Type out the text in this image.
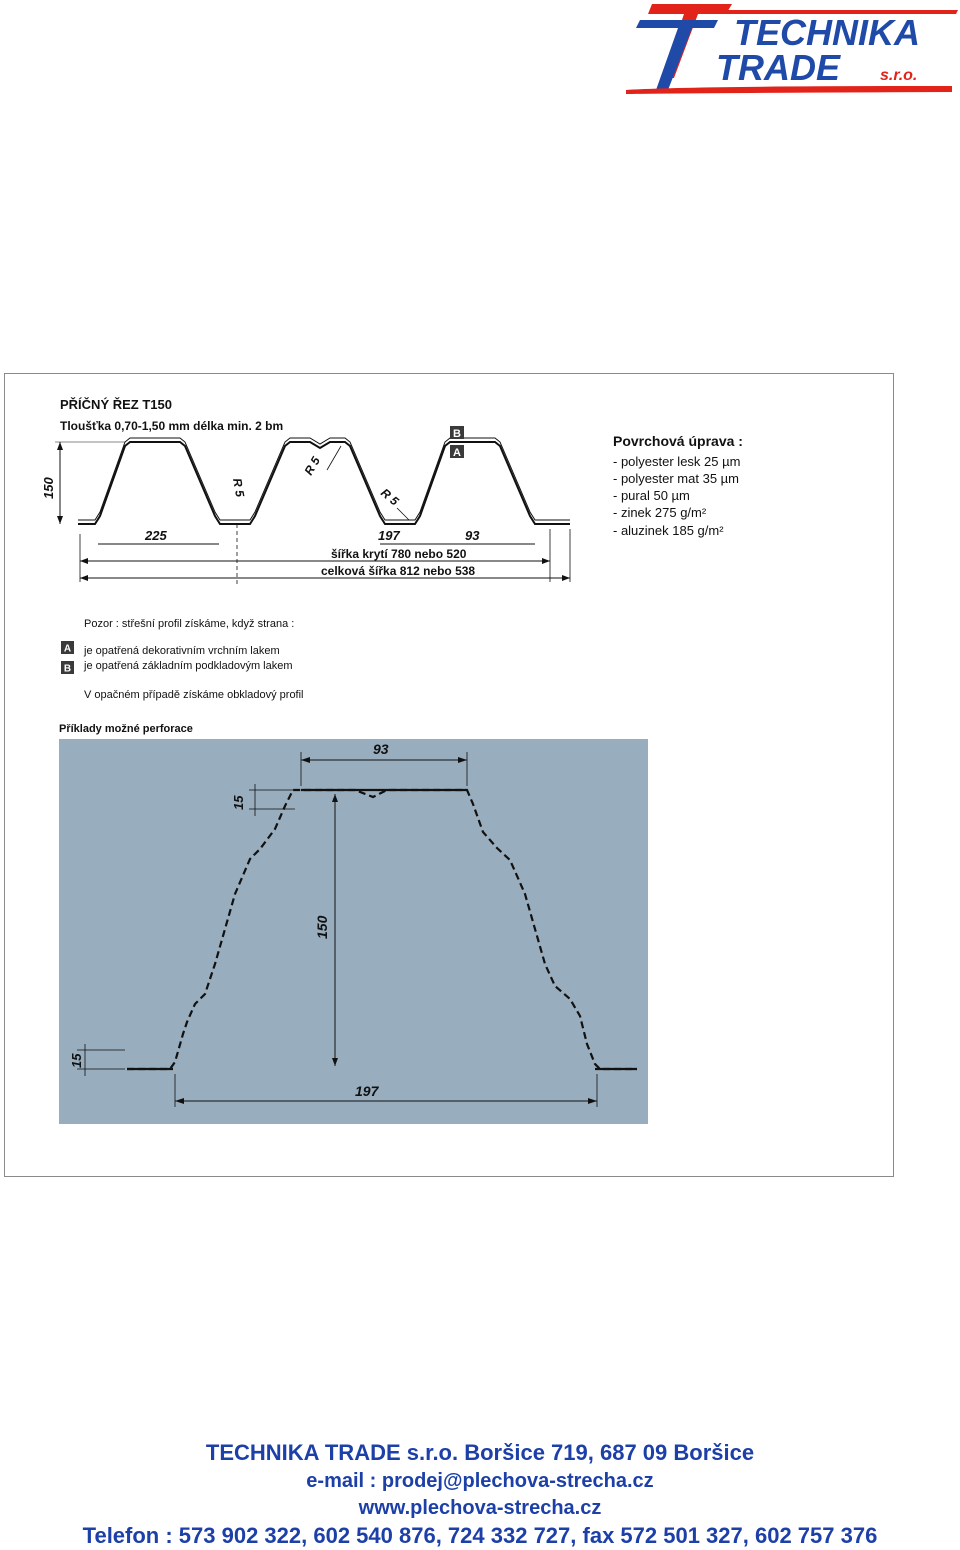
TECHNIKA
TRADE	s.r.o.
PŘÍČNÝ ŘEZ T150
Tloušťka 0,70-1,50 mm délka min. 2 bm
150	R 5
R 5
R 5
B
A
225	197	93
šířka krytí 780 nebo 520
celková šířka 812 nebo 538
Povrchová úprava :
- polyester lesk 25 µm
- polyester mat 35 µm
- pural 50 µm
- zinek 275 g/m²
- aluzinek 185 g/m²
Pozor : střešní profil získáme, když strana :
A je opatřená dekorativním vrchním lakem
B je opatřená základním podkladovým lakem
V opačném případě získáme obkladový profil
Příklady možné perforace
93
15
150
15
197
TECHNIKA TRADE s.r.o. Boršice 719, 687 09 Boršice
e-mail : prodej@plechova-strecha.cz
www.plechova-strecha.cz
Telefon : 573 902 322, 602 540 876, 724 332 727, fax 572 501 327, 602 757 376
